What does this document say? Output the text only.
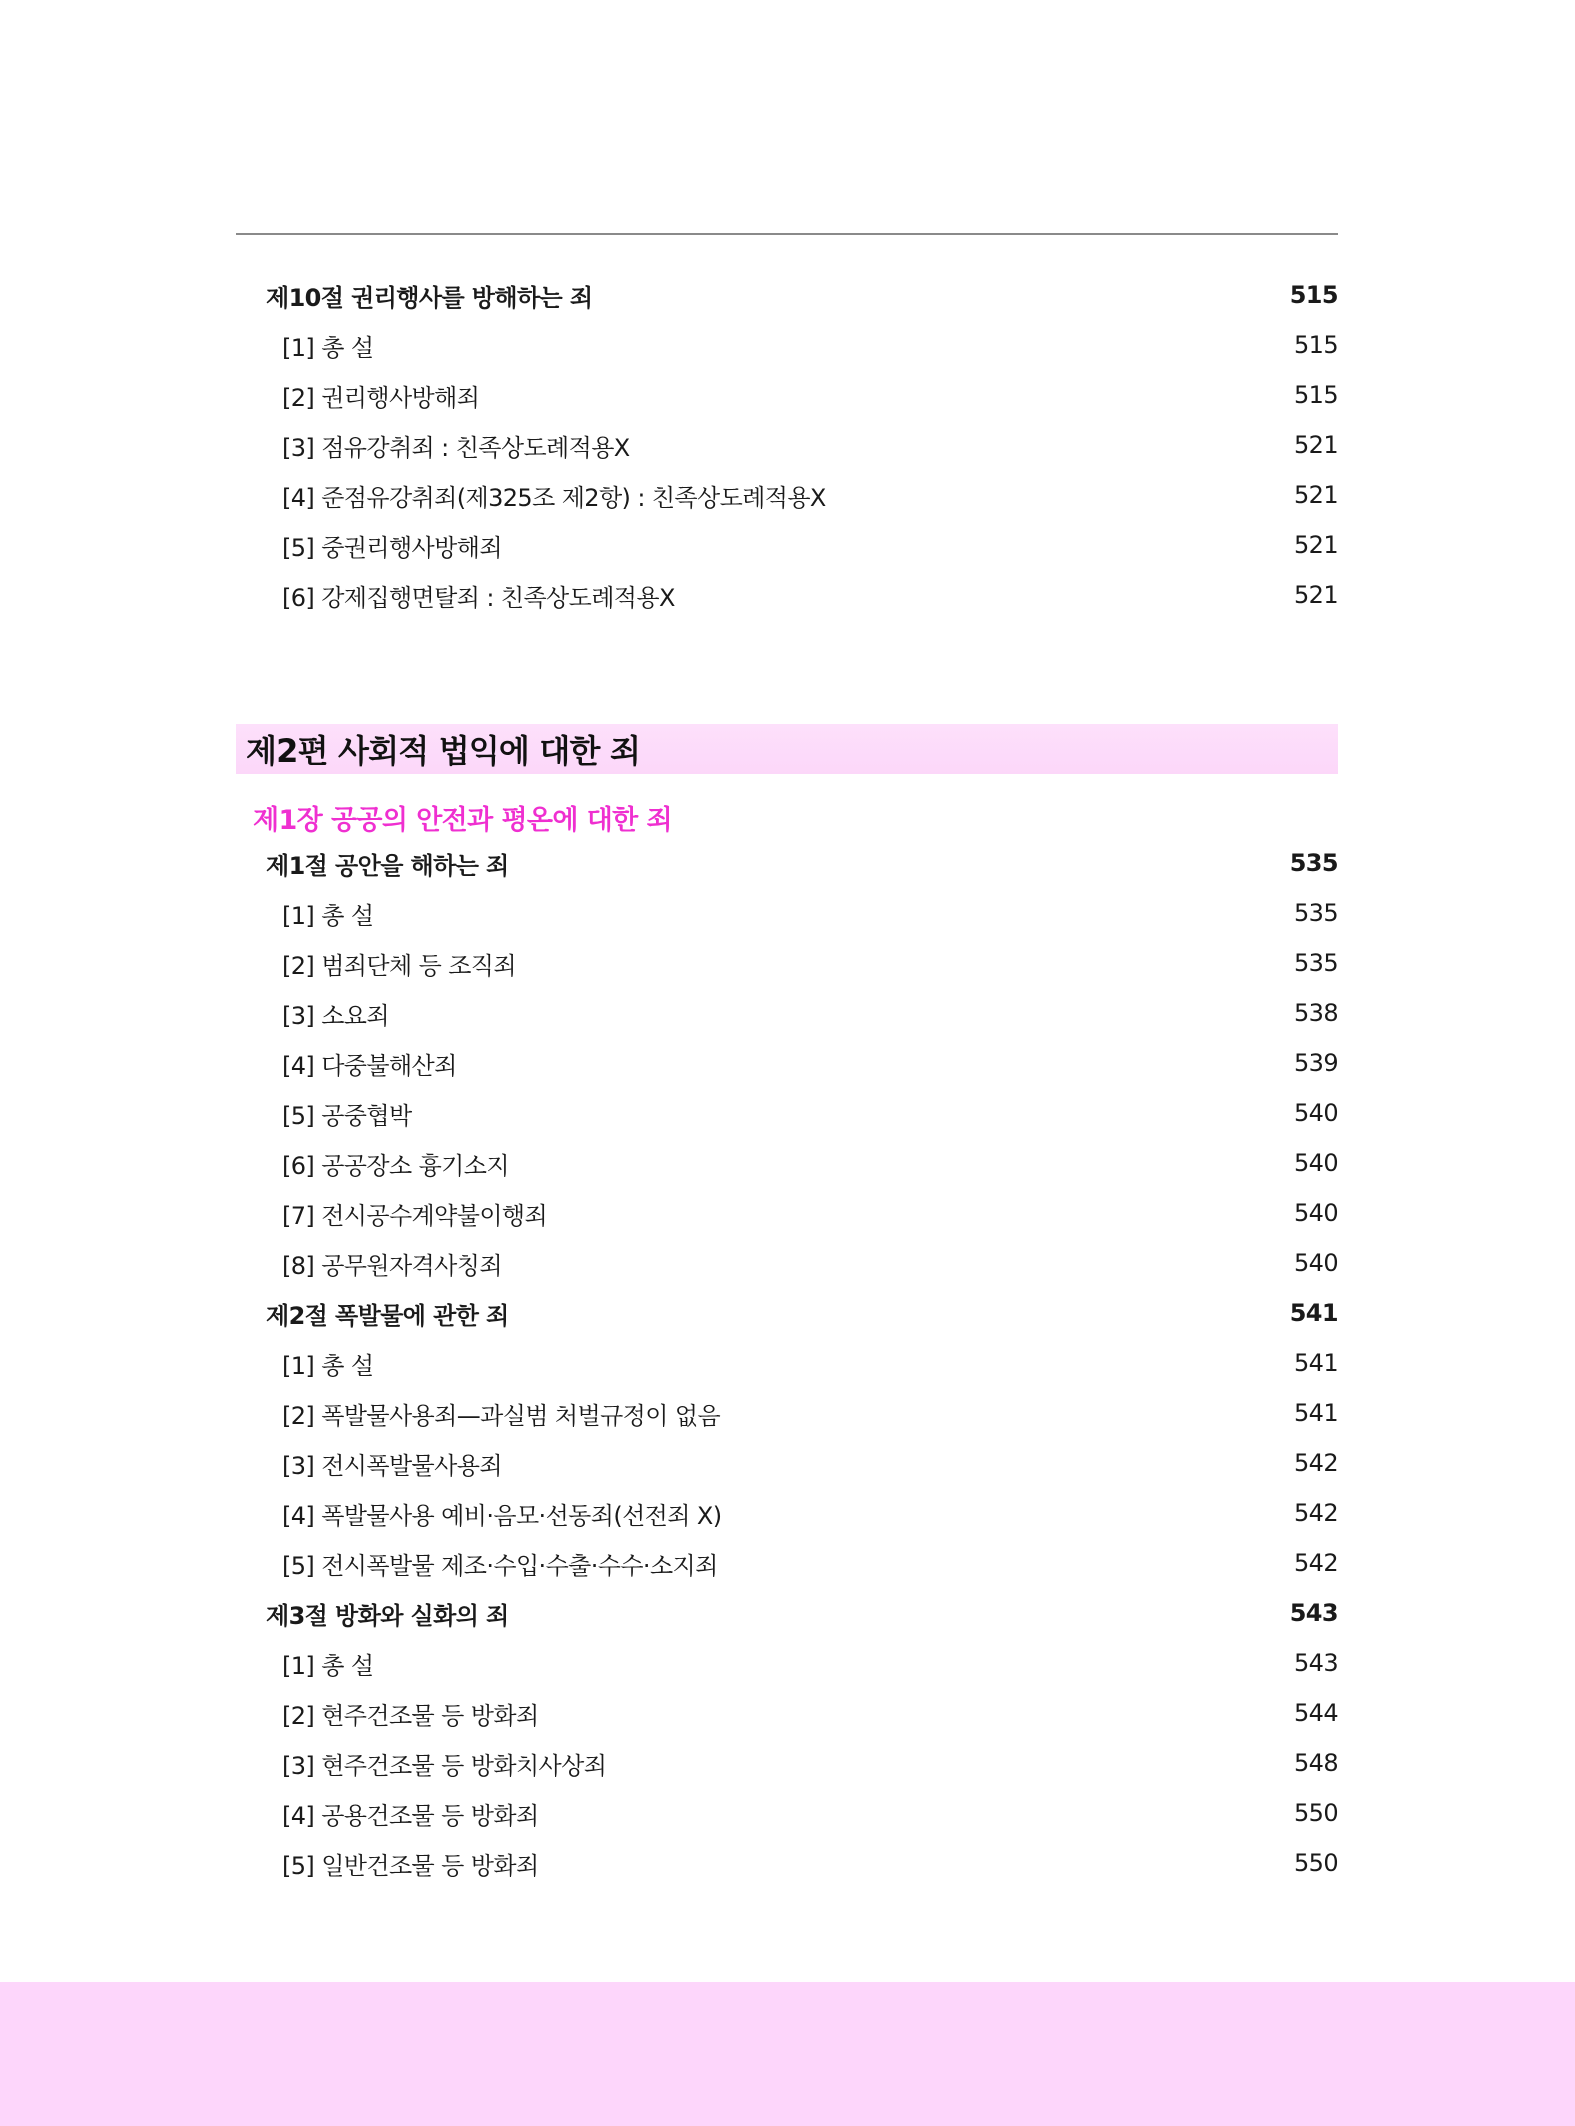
제10절 권리행사를 방해하는 죄	515
[1] 총 설	515
[2] 권리행사방해죄	515
[3] 점유강취죄 : 친족상도례적용X	521
[4] 준점유강취죄(제325조 제2항) : 친족상도례적용X	521
[5] 중권리행사방해죄	521
[6] 강제집행면탈죄 : 친족상도례적용X	521
제2편 사회적 법익에 대한 죄
제1장 공공의 안전과 평온에 대한 죄
제1절 공안을 해하는 죄	535
[1] 총 설	535
[2] 범죄단체 등 조직죄	535
[3] 소요죄	538
[4] 다중불해산죄	539
[5] 공중협박	540
[6] 공공장소 흉기소지	540
[7] 전시공수계약불이행죄	540
[8] 공무원자격사칭죄	540
제2절 폭발물에 관한 죄	541
[1] 총 설	541
[2] 폭발물사용죄—과실범 처벌규정이 없음	541
[3] 전시폭발물사용죄	542
[4] 폭발물사용 예비·음모·선동죄(선전죄 X)	542
[5] 전시폭발물 제조·수입·수출·수수·소지죄	542
제3절 방화와 실화의 죄	543
[1] 총 설	543
[2] 현주건조물 등 방화죄	544
[3] 현주건조물 등 방화치사상죄	548
[4] 공용건조물 등 방화죄	550
[5] 일반건조물 등 방화죄	550
